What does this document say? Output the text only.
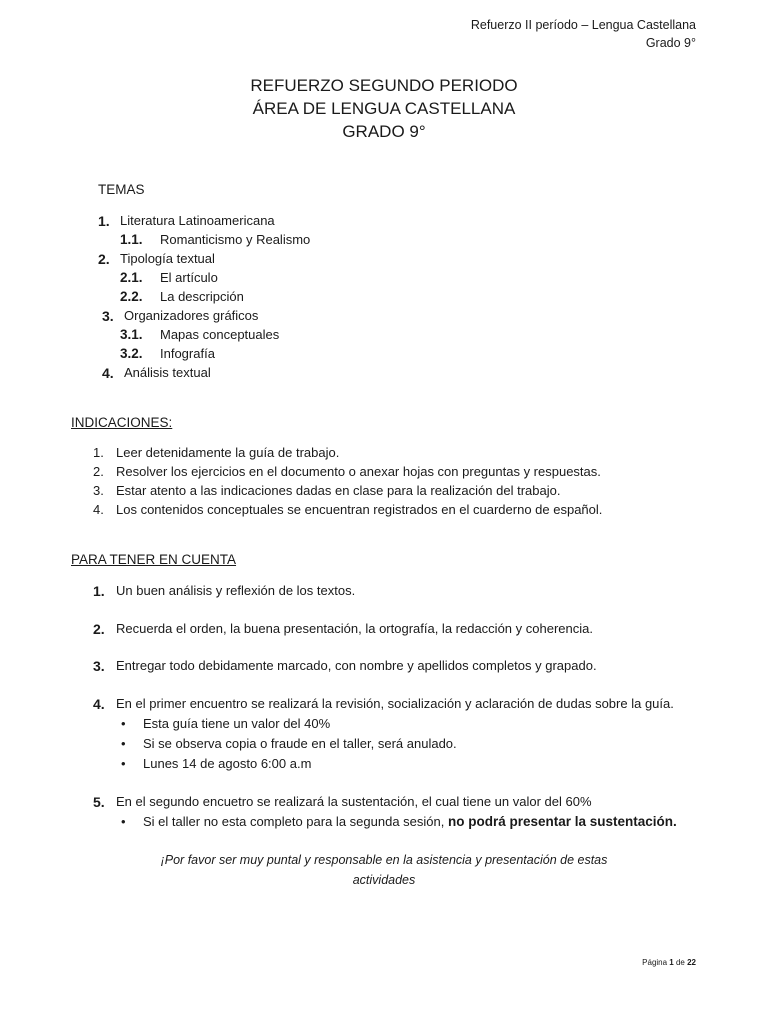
Refuerzo II período – Lengua Castellana
Grado 9°
REFUERZO SEGUNDO PERIODO
ÁREA DE LENGUA CASTELLANA
GRADO 9°
TEMAS
1. Literatura Latinoamericana
1.1. Romanticismo y Realismo
2. Tipología textual
2.1. El artículo
2.2. La descripción
3. Organizadores gráficos
3.1. Mapas conceptuales
3.2. Infografía
4. Análisis textual
INDICACIONES:
1. Leer detenidamente la guía de trabajo.
2. Resolver los ejercicios en el documento o anexar hojas con preguntas y respuestas.
3. Estar atento a las indicaciones dadas en clase para la realización del trabajo.
4. Los contenidos conceptuales se encuentran registrados en el cuarderno de español.
PARA TENER EN CUENTA
1. Un buen análisis y reflexión de los textos.
2. Recuerda el orden, la buena presentación, la ortografía, la redacción y coherencia.
3. Entregar todo debidamente marcado, con nombre y apellidos completos y grapado.
4. En el primer encuentro se realizará la revisión, socialización y aclaración de dudas sobre la guía.
• Esta guía tiene un valor del 40%
• Si se observa copia o fraude en el taller, será anulado.
• Lunes 14 de agosto 6:00 a.m
5. En el segundo encuetro se realizará la sustentación, el cual tiene un valor del 60%
• Si el taller no esta completo para la segunda sesión, no podrá presentar la sustentación.
¡Por favor ser muy puntal y responsable en la asistencia y presentación de estas
actividades
Página 1 de 22
